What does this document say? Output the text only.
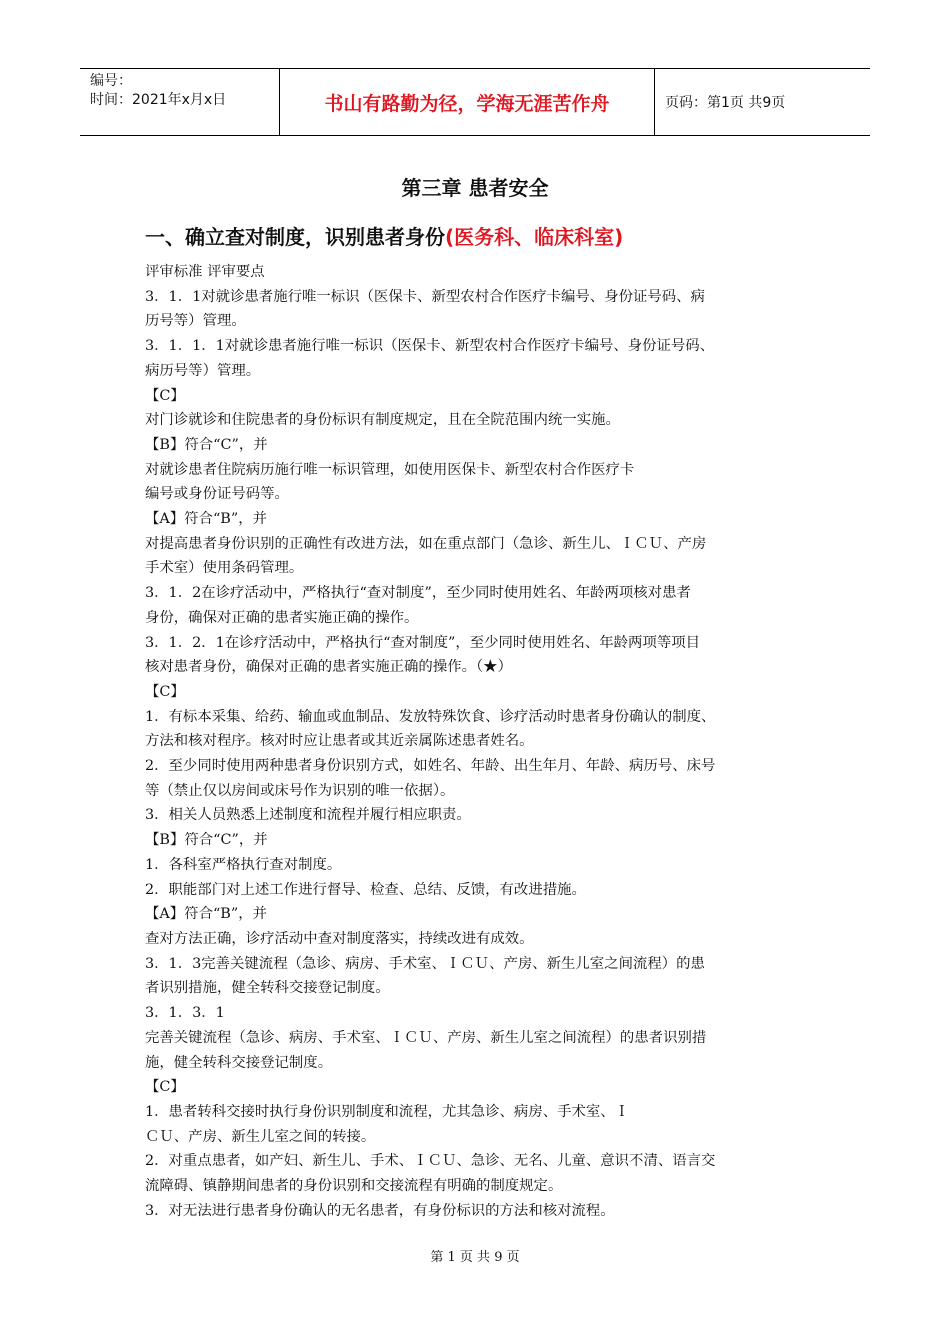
编号：
时间：2021年x月x日	书山有路勤为径，学海无涯苦作舟	页码：第1页 共9页
第三章 患者安全
一、确立查对制度，识别患者身份(医务科、临床科室)

评审标准 评审要点

3．1．1对就诊患者施行唯一标识（医保卡、新型农村合作医疗卡编号、身份证号码、病

历号等）管理。

3．1．1．1对就诊患者施行唯一标识（医保卡、新型农村合作医疗卡编号、身份证号码、

病历号等）管理。

【C】

对门诊就诊和住院患者的身份标识有制度规定，且在全院范围内统一实施。

【B】符合“C”，并

对就诊患者住院病历施行唯一标识管理，如使用医保卡、新型农村合作医疗卡

编号或身份证号码等。

【A】符合“B”，并

对提高患者身份识别的正确性有改进方法，如在重点部门（急诊、新生儿、ＩＣＵ、产房

手术室）使用条码管理。

3．1．2在诊疗活动中，严格执行“查对制度”，至少同时使用姓名、年龄两项核对患者

身份，确保对正确的患者实施正确的操作。

3．1．2．1在诊疗活动中，严格执行“查对制度”，至少同时使用姓名、年龄两项等项目

核对患者身份，确保对正确的患者实施正确的操作。（★）

【C】

1．有标本采集、给药、输血或血制品、发放特殊饮食、诊疗活动时患者身份确认的制度、

方法和核对程序。核对时应让患者或其近亲属陈述患者姓名。

2．至少同时使用两种患者身份识别方式，如姓名、年龄、出生年月、年龄、病历号、床号

等（禁止仅以房间或床号作为识别的唯一依据）。

3．相关人员熟悉上述制度和流程并履行相应职责。

【B】符合“C”，并

1．各科室严格执行查对制度。

2．职能部门对上述工作进行督导、检查、总结、反馈，有改进措施。

【A】符合“B”，并

查对方法正确，诊疗活动中查对制度落实，持续改进有成效。

3．1．3完善关键流程（急诊、病房、手术室、ＩＣＵ、产房、新生儿室之间流程）的患

者识别措施，健全转科交接登记制度。

3．1．3．1

完善关键流程（急诊、病房、手术室、ＩＣＵ、产房、新生儿室之间流程）的患者识别措

施，健全转科交接登记制度。

【C】

1．患者转科交接时执行身份识别制度和流程，尤其急诊、病房、手术室、Ｉ

ＣＵ、产房、新生儿室之间的转接。

2．对重点患者，如产妇、新生儿、手术、ＩＣＵ、急诊、无名、儿童、意识不清、语言交

流障碍、镇静期间患者的身份识别和交接流程有明确的制度规定。

3．对无法进行患者身份确认的无名患者，有身份标识的方法和核对流程。

第 1 页 共 9 页
